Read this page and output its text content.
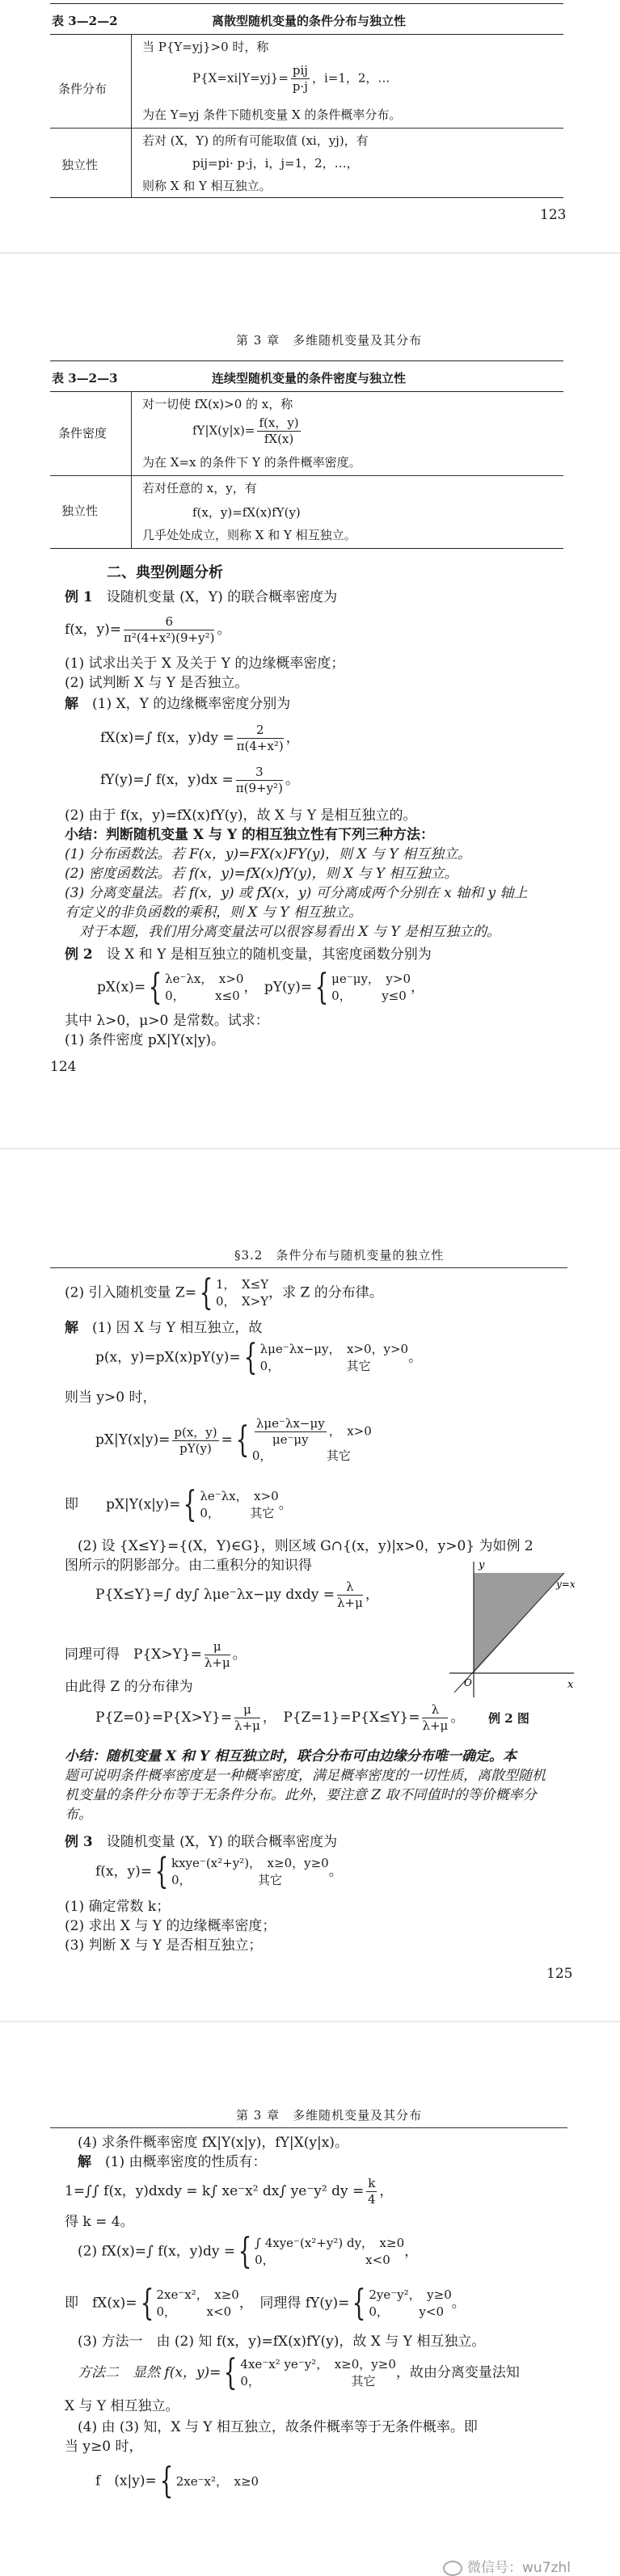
表 3—2—2	离散型随机变量的条件分布与独立性
条件分布
当 P{Y=yj}>0 时，称
$P\{X=xi|Y=yj\}= \frac{\text{pij}}{p\cdot j}$ ，i=1，2，…
为在 Y=yj 条件下随机变量 X 的条件概率分布。
独立性
若对 (X，Y) 的所有可能取值 (xi，yj)，有
pij=pi· p·j，i，j=1，2，…，
则称 X 和 Y 相互独立。
123
第 3 章　多维随机变量及其分布
表 3—2—3	连续型随机变量的条件密度与独立性
条件密度
对一切使 fX(x)>0 的 x，称
$fY|X(y|x)= \frac{f(x,y)}{fX(x)}$
为在 X=x 的条件下 Y 的条件概率密度。
独立性
若对任意的 x，y，有
f(x，y)=fX(x)fY(y)
几乎处处成立，则称 X 和 Y 相互独立。
二、典型例题分析
例 1　 设随机变量 (X，Y) 的联合概率密度为
f(x，$y)= \frac{6}{\text{π²(4+x²)(9+y²)}}$ 。
(1) 试求出关于 X 及关于 Y 的边缘概率密度；
(2) 试判断 X 与 Y 是否独立。
解　 (1) X，Y 的边缘概率密度分别为
fX(x)=∫ f(x，$y)dy = \frac{2}{\text{π(4+x²)}}$ ，
fY(y)=∫ f(x，$y)dx = \frac{3}{\text{π(9+y²)}}$ 。
(2) 由于 f(x，y)=fX(x)fY(y)，故 X 与 Y 是相互独立的。
小结：判断随机变量 X 与 Y 的相互独立性有下列三种方法：
(1) 分布函数法。若 F(x，y)=FX(x)FY(y)，则 X 与 Y 相互独立。
(2) 密度函数法。若 f(x，y)=fX(x)fY(y)，则 X 与 Y 相互独立。
(3) 分离变量法。若 f(x，y) 或 fX(x，y) 可分离成两个分别在 x 轴和 y 轴上
有定义的非负函数的乘积，则 X 与 Y 相互独立。
对于本题，我们用分离变量法可以很容易看出 X 与 Y 是相互独立的。
例 2　 设 X 和 Y 是相互独立的随机变量，其密度函数分别为
pX(x)={ λe⁻λx，　x>0
0，　　　x≤0
，　pY(y)={ μe⁻μy，　y>0
0，　　　y≤0
，
其中 λ>0，μ>0 是常数。试求：
(1) 条件密度 pX|Y(x|y)。
124
§3.2　条件分布与随机变量的独立性
(2) 引入随机变量 Z={ 1，　X≤Y
0，　X>Y
，求 Z 的分布律。
解　 (1) 因 X 与 Y 相互独立，故
p(x，y)=pX(x)pY(y)={ λμe⁻λx−μy，　x>0，y>0
0，　　　　　　其它
。
则当 y>0 时，
$pX|Y(x|y)= \frac{p(x,y)}{pY(y)}$ ={ $\frac{\text{λμe⁻λx−μy}}{\mu e^-\mu y}$ ，　x>0
0，　　　　　其它
即　　 pX|Y(x|y)={ λe⁻λx，　x>0
0，　　　其它
。
(2) 设 {X≤Y}={(X，Y)∈G}，则区域 G∩{(x，y)|x>0，y>0} 为如例 2
图所示的阴影部分。由二重积分的知识得
P{X≤Y}=∫ dy∫ λμe⁻λx−μy dxdy = $\frac{\lambda}{\lambda+\mu}$ ，
同理可得　$P\{X>Y\}= \frac{\mu}{\lambda+\mu}$ 。
由此得 Z 的分布律为
$P\{Z=0\}=P\{X>Y\}= \frac{\mu}{\lambda+\mu}$ ，　$P\{Z=1\}=P\{X\le Y\}= \frac{\lambda}{\lambda+\mu}$ 。
y
x
y=x
O
例 2 图
小结：随机变量 X 和 Y 相互独立时，联合分布可由边缘分布唯一确定。本
题可说明条件概率密度是一种概率密度，满足概率密度的一切性质，离散型随机
机变量的条件分布等于无条件分布。此外，要注意 Z 取不同值时的等价概率分
布。
例 3　 设随机变量 (X，Y) 的联合概率密度为
f(x，y)={ kxye⁻(x²+y²)，　x≥0，y≥0
0，　　　　　　其它
。
(1) 确定常数 k；
(2) 求出 X 与 Y 的边缘概率密度；
(3) 判断 X 与 Y 是否相互独立；
125
第 3 章　多维随机变量及其分布
(4) 求条件概率密度 fX|Y(x|y)，fY|X(y|x)。
解　 (1) 由概率密度的性质有：
1=∫∫ f(x，y)dxdy = k∫ xe⁻x² dx∫ ye⁻y² dy = $\frac{k}{4}$ ，
得 k = 4。
(2) fX(x)=∫ f(x，y)dy ={ ∫ 4xye⁻(x²+y²) dy，　x≥0
0，　　　　　　　　x<0
，
即　 fX(x)={ 2xe⁻x²，　x≥0
0，　　　x<0
，　同理得 fY(y)={ 2ye⁻y²，　y≥0
0，　　　y<0
。
(3) 方法一　由 (2) 知 f(x，y)=fX(x)fY(y)，故 X 与 Y 相互独立。
方法二　显然 f(x，y)={ 4xe⁻x² ye⁻y²，　x≥0，y≥0
0，　　　　　　　　其它
，故由分离变量法知
X 与 Y 相互独立。
(4) 由 (3) 知，X 与 Y 相互独立，故条件概率等于无条件概率。即
当 y≥0 时，
f　(x|y)={ 2xe⁻x²，　x≥0
微信号：wu7zhl
